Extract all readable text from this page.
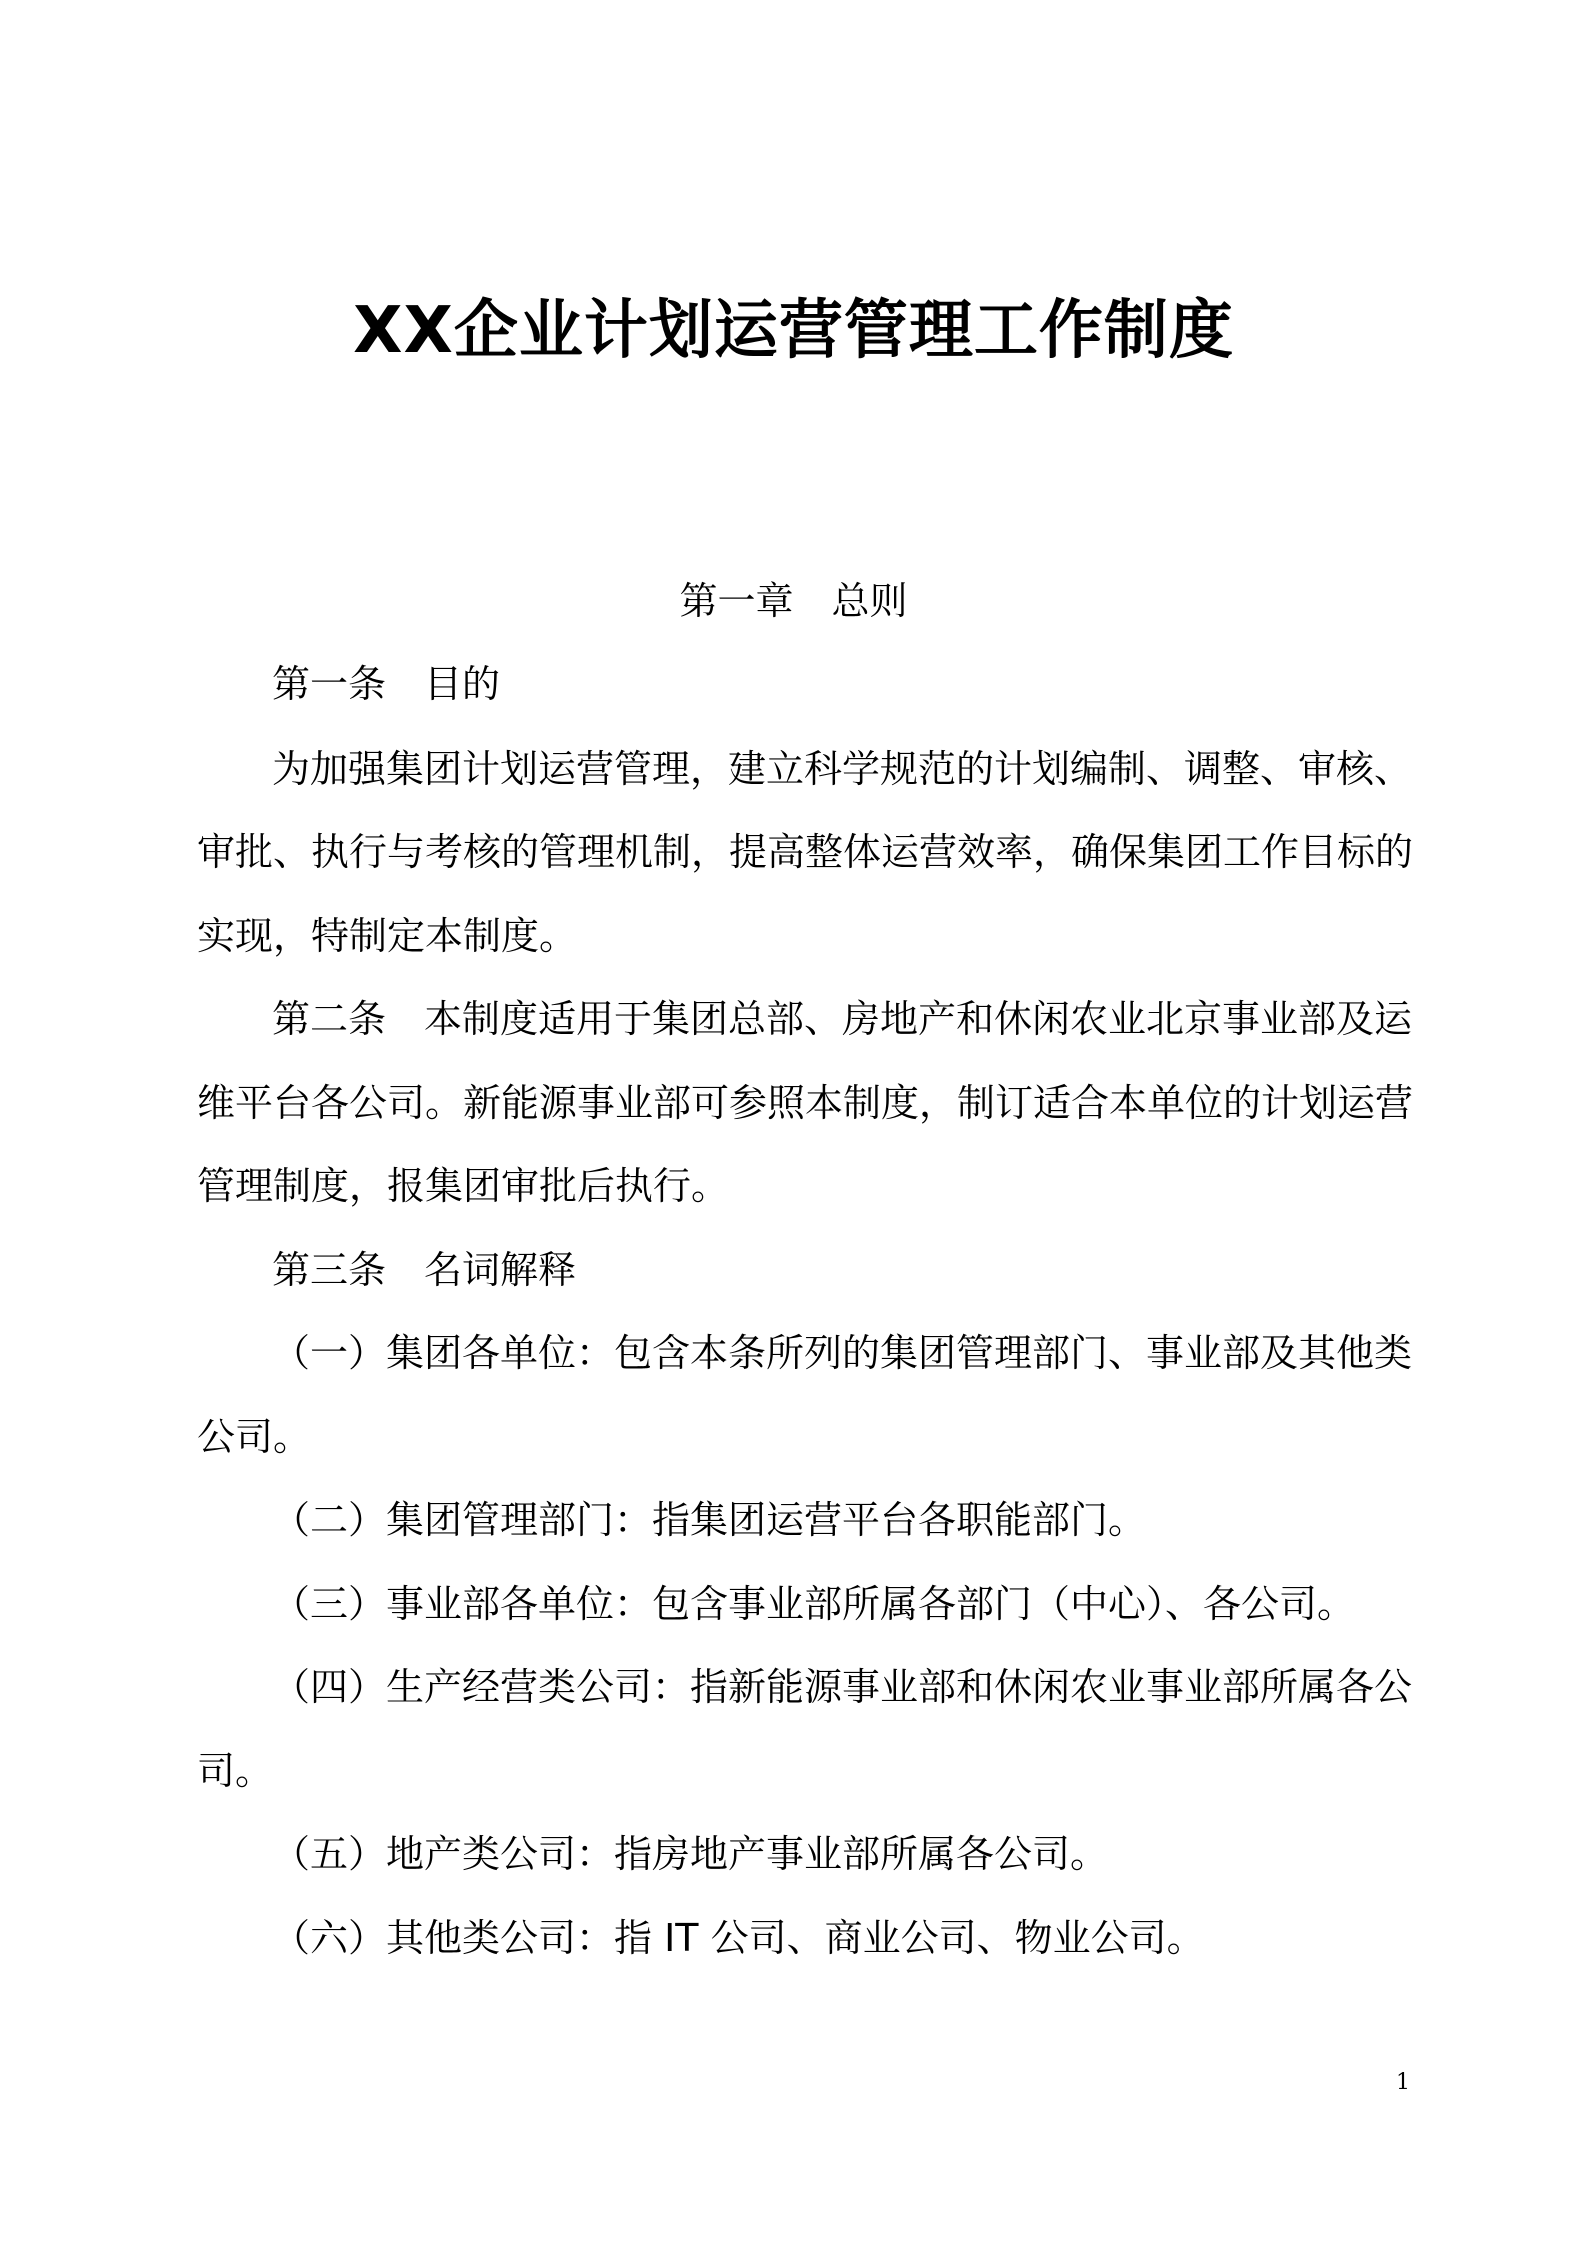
XX企业计划运营管理工作制度
第一章　总则
第一条　目的
为加强集团计划运营管理，建立科学规范的计划编制、调整、审核、
审批、执行与考核的管理机制，提高整体运营效率，确保集团工作目标的
实现，特制定本制度。
第二条　本制度适用于集团总部、房地产和休闲农业北京事业部及运
维平台各公司。新能源事业部可参照本制度，制订适合本单位的计划运营
管理制度，报集团审批后执行。
第三条　名词解释
（一）集团各单位：包含本条所列的集团管理部门、事业部及其他类
公司。
（二）集团管理部门：指集团运营平台各职能部门。
（三）事业部各单位：包含事业部所属各部门（中心）、各公司。
（四）生产经营类公司：指新能源事业部和休闲农业事业部所属各公
司。
（五）地产类公司：指房地产事业部所属各公司。
（六）其他类公司：指 IT 公司、商业公司、物业公司。
1
